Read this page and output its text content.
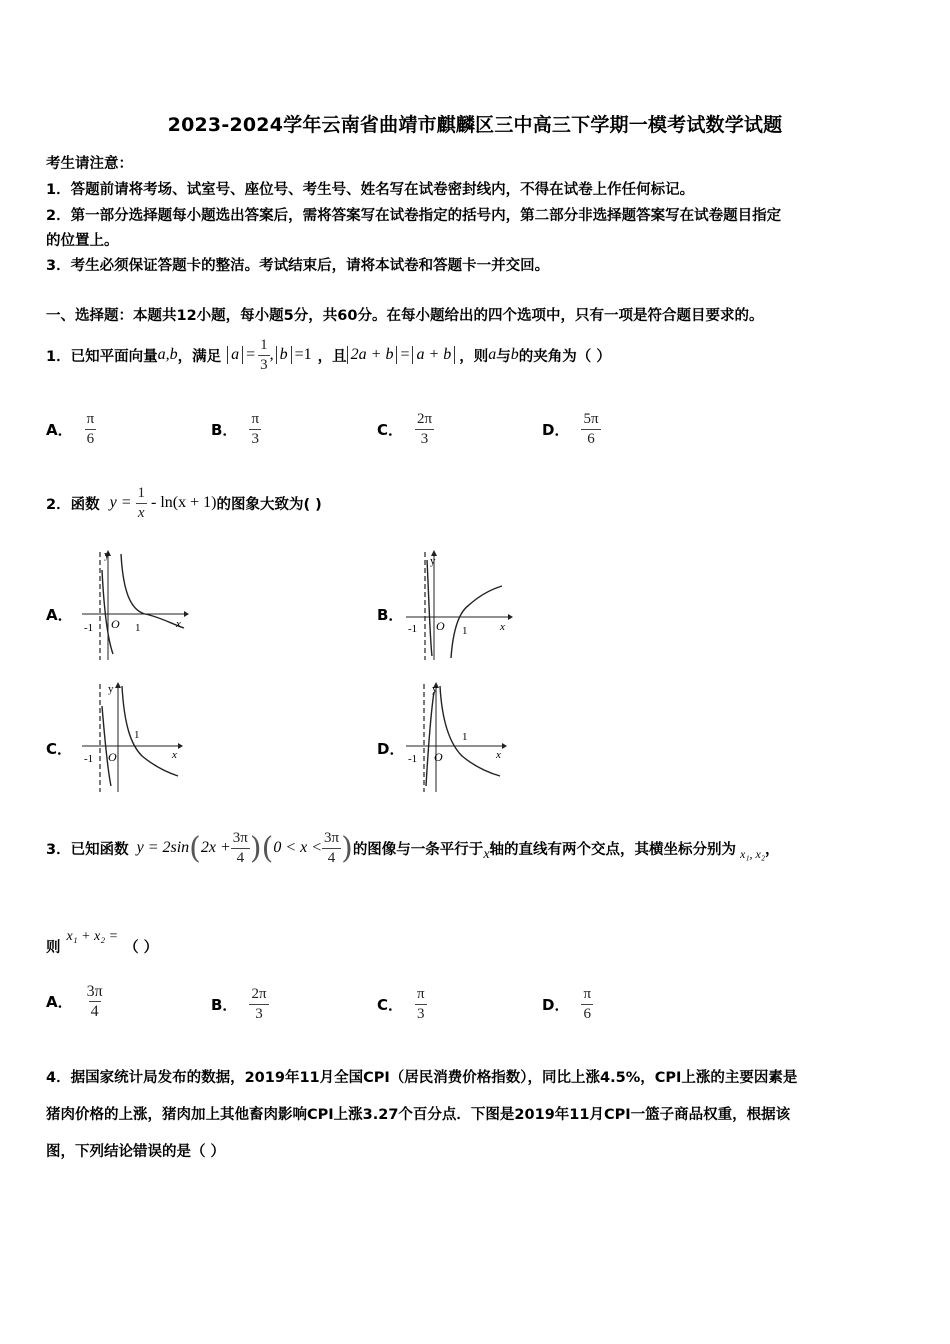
2023-2024学年云南省曲靖市麒麟区三中高三下学期一模考试数学试题
考生请注意：
1．答题前请将考场、试室号、座位号、考生号、姓名写在试卷密封线内，不得在试卷上作任何标记。
2．第一部分选择题每小题选出答案后，需将答案写在试卷指定的括号内，第二部分非选择题答案写在试卷题目指定
的位置上。
3．考生必须保证答题卡的整洁。考试结束后，请将本试卷和答题卡一并交回。
一、选择题：本题共12小题，每小题5分，共60分。在每小题给出的四个选项中，只有一项是符合题目要求的。
1．已知平面向量 a,b ，满足 $a = \frac{1}{3}$ , b =1 ，且 2a + b = a + b ，则 a 与 b 的夹角为（ ）
A． $\frac{\pi}{6}$	B． $\frac{\pi}{3}$	C． $\frac{2\pi}{3}$	D． $\frac{5\pi}{6}$
2．函数 $y = \frac{1}{x} - \ln(x + 1)$ 的图象大致为( )
A．
y
x
O
-1	1
B．
y
x
O
-1	1
C．
y
x
O
-1
1
D．
y
x
O
-1
1
3．已知函数 y = 2sin ( $2x + \frac{3\pi}{4}$ ) ( $0 < x < \frac{3\pi}{4}$ ) 的图像与一条平行于 x 轴的直线有两个交点，其横坐标分别为 x₁, x₂ ，
则
x₁ + x₂ =
（ ）
A． $\frac{3\pi}{4}$	B． $\frac{2\pi}{3}$	C． $\frac{\pi}{3}$	D． $\frac{\pi}{6}$
4．据国家统计局发布的数据，2019年11月全国CPI（居民消费价格指数），同比上涨4.5%，CPI上涨的主要因素是
猪肉价格的上涨，猪肉加上其他畜肉影响CPI上涨3.27个百分点．下图是2019年11月CPI一篮子商品权重，根据该
图，下列结论错误的是（ ）
